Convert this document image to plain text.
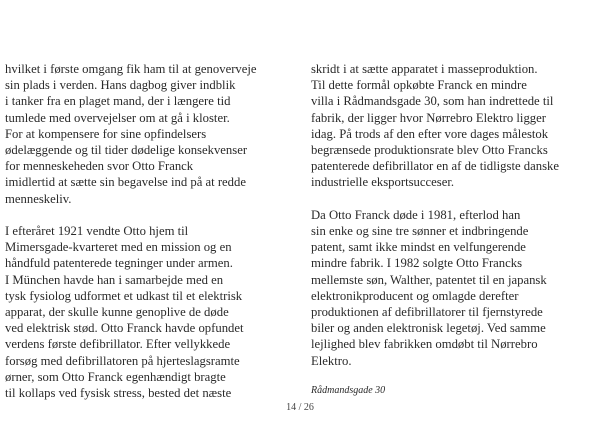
hvilket i første omgang fik ham til at genoverveje
sin plads i verden. Hans dagbog giver indblik
i tanker fra en plaget mand, der i længere tid
tumlede med overvejelser om at gå i kloster.
For at kompensere for sine opfindelsers
ødelæggende og til tider dødelige konsekvenser
for menneskeheden svor Otto Franck
imidlertid at sætte sin begavelse ind på at redde
menneskeliv.

I efteråret 1921 vendte Otto hjem til
Mimersgade-kvarteret med en mission og en
håndfuld patenterede tegninger under armen.
I München havde han i samarbejde med en
tysk fysiolog udformet et udkast til et elektrisk
apparat, der skulle kunne genoplive de døde
ved elektrisk stød. Otto Franck havde opfundet
verdens første defibrillator. Efter vellykkede
forsøg med defibrillatoren på hjerteslagsramte
ørner, som Otto Franck egenhændigt bragte
til kollaps ved fysisk stress, bested det næste

skridt i at sætte apparatet i masseproduktion.
Til dette formål opkøbte Franck en mindre
villa i Rådmandsgade 30, som han indrettede til
fabrik, der ligger hvor Nørrebro Elektro ligger
idag. På trods af den efter vore dages målestok
begrænsede produktionsrate blev Otto Francks
patenterede defibrillator en af de tidligste danske
industrielle eksportsucceser.

Da Otto Franck døde i 1981, efterlod han
sin enke og sine tre sønner et indbringende
patent, samt ikke mindst en velfungerende
mindre fabrik. I 1982 solgte Otto Francks
mellemste søn, Walther, patentet til en japansk
elektronikproducent og omlagde derefter
produktionen af defibrillatorer til fjernstyrede
biler og anden elektronisk legetøj. Ved samme
lejlighed blev fabrikken omdøbt til Nørrebro
Elektro.

Rådmandsgade 30
14 / 26
